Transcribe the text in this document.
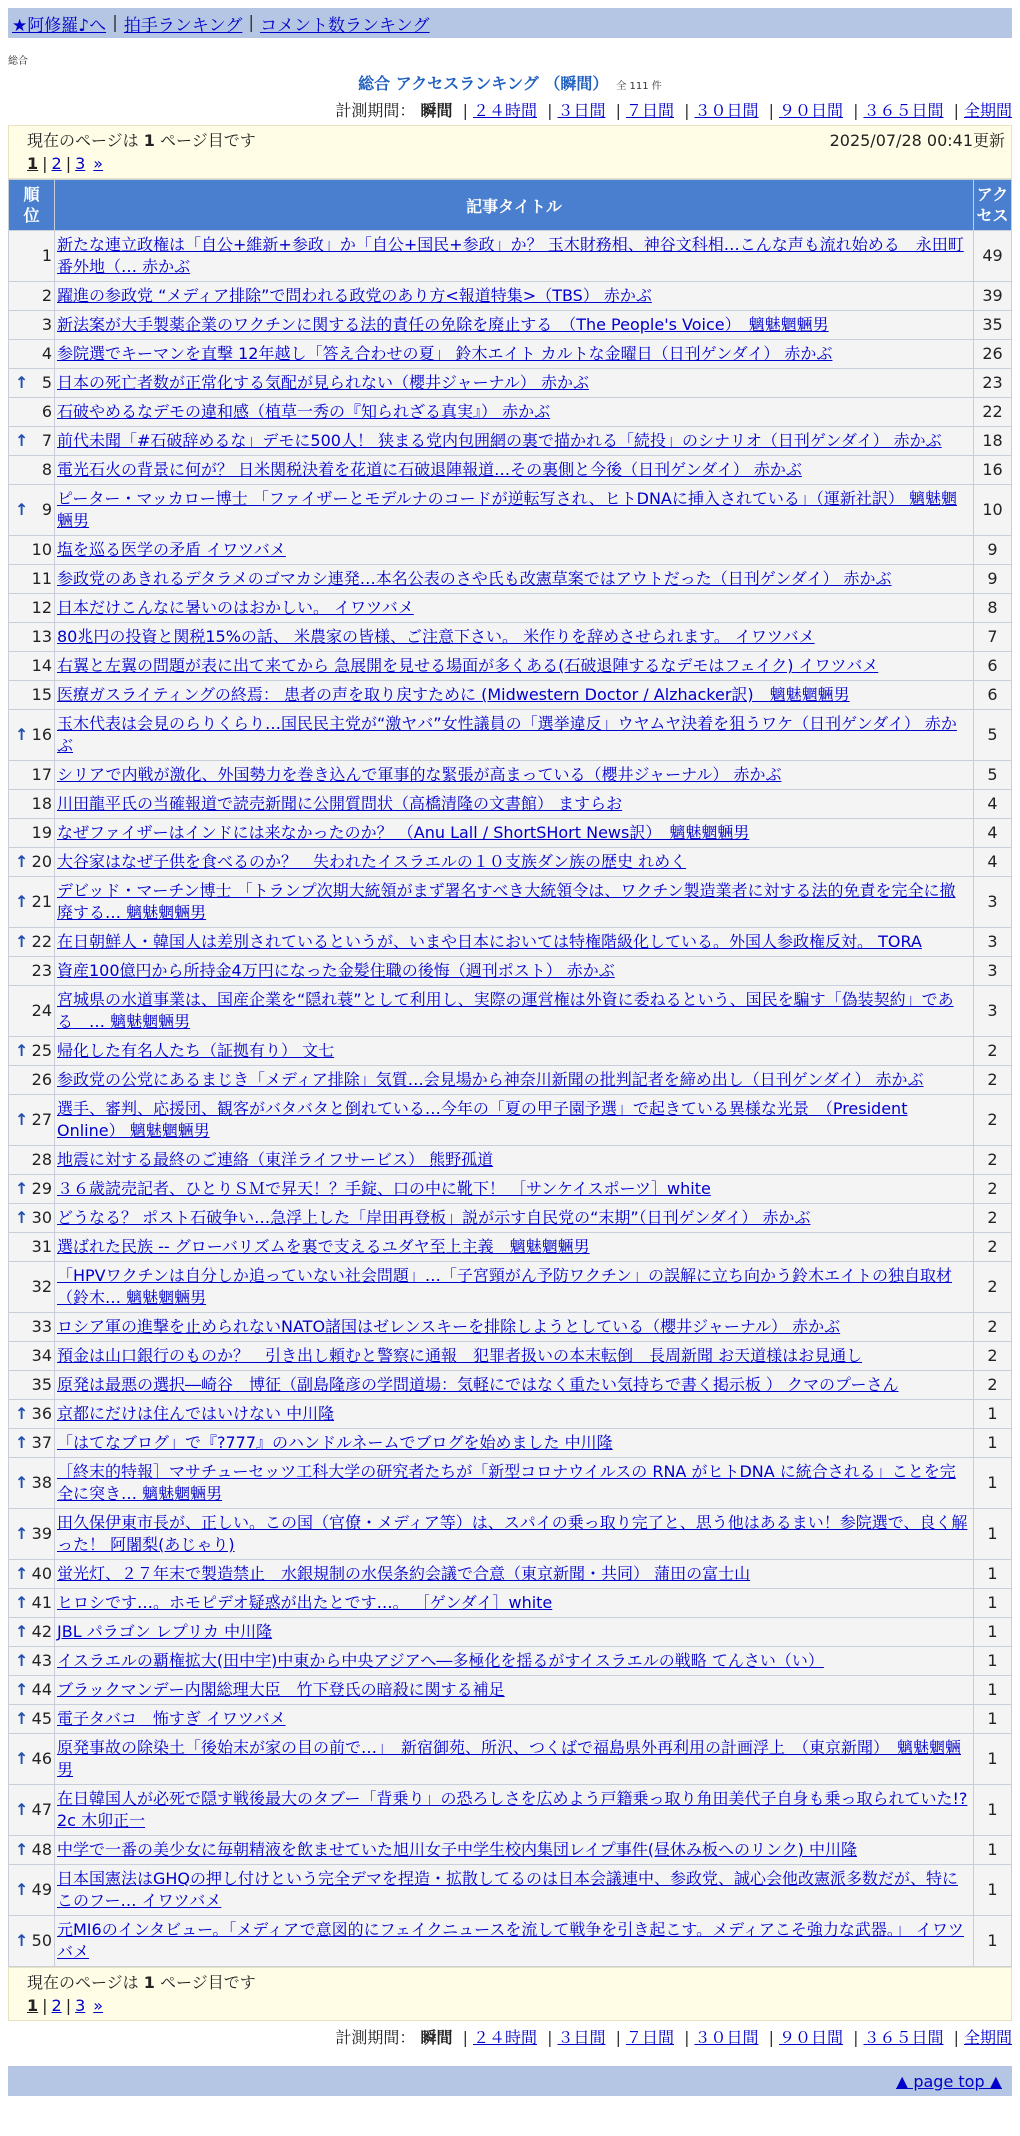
★阿修羅♪へ | 拍手ランキング | コメント数ランキング
総合
総合 アクセスランキング （瞬間） 全 111 件
計測期間： 瞬間 | ２４時間 | ３日間 | ７日間 | ３０日間 | ９０日間 | ３６５日間 | 全期間
現在のページは 1 ページ目です	2025/07/28 00:41更新
1 | 2 | 3 »
順位	記事タイトル	アクセス
1	新たな連立政権は「自公+維新+参政」か「自公+国民+参政」か？ 玉木財務相、神谷文科相…こんな声も流れ始める　永田町番外地（… 赤かぶ	49
2	躍進の参政党 “メディア排除”で問われる政党のあり方<報道特集>（TBS） 赤かぶ	39
3	新法案が大手製薬企業のワクチンに関する法的責任の免除を廃止する　（The People's Voice）　魑魅魍魎男	35
4	参院選でキーマンを直撃 12年越し「答え合わせの夏」 鈴木エイト カルトな金曜日（日刊ゲンダイ） 赤かぶ	26

↑ 5	日本の死亡者数が正常化する気配が見られない（櫻井ジャーナル） 赤かぶ	23
6	石破やめるなデモの違和感（植草一秀の『知られざる真実』） 赤かぶ	22

↑ 7	前代未聞「#石破辞めるな」デモに500人！ 狭まる党内包囲網の裏で描かれる「続投」のシナリオ（日刊ゲンダイ） 赤かぶ	18
8	電光石火の背景に何が？ 日米関税決着を花道に石破退陣報道…その裏側と今後（日刊ゲンダイ） 赤かぶ	16

↑ 9	ピーター・マッカロー博士 「ファイザーとモデルナのコードが逆転写され、ヒトDNAに挿入されている」（運新社訳） 魑魅魍魎男	10
10	塩を巡る医学の矛盾 イワツバメ	9
11	参政党のあきれるデタラメのゴマカシ連発…本名公表のさや氏も改憲草案ではアウトだった（日刊ゲンダイ） 赤かぶ	9
12	日本だけこんなに暑いのはおかしい。 イワツバメ	8
13	80兆円の投資と関税15%の話、 米農家の皆様、ご注意下さい。 米作りを辞めさせられます。 イワツバメ	7
14	右翼と左翼の問題が表に出て来てから 急展開を見せる場面が多くある(石破退陣するなデモはフェイク) イワツバメ	6
15	医療ガスライティングの終焉： 患者の声を取り戻すために (Midwestern Doctor / Alzhacker訳)　魑魅魍魎男	6

↑ 16	玉木代表は会見のらりくらり…国民民主党が“激ヤバ”女性議員の「選挙違反」ウヤムヤ決着を狙うワケ（日刊ゲンダイ） 赤かぶ	5
17	シリアで内戦が激化、外国勢力を巻き込んで軍事的な緊張が高まっている（櫻井ジャーナル） 赤かぶ	5
18	川田龍平氏の当確報道で読売新聞に公開質問状（高橋清隆の文書館） ますらお	4
19	なぜファイザーはインドには来なかったのか？ （Anu Lall / ShortSHort News訳）　魑魅魍魎男	4

↑ 20	大谷家はなぜ子供を食べるのか？　失われたイスラエルの１０支族ダン族の歴史 れめく	4

↑ 21	デビッド・マーチン博士 「トランプ次期大統領がまず署名すべき大統領令は、ワクチン製造業者に対する法的免責を完全に撤廃する… 魑魅魍魎男	3

↑ 22	在日朝鮮人・韓国人は差別されているというが、いまや日本においては特権階級化している。外国人参政権反対。 TORA	3
23	資産100億円から所持金4万円になった金髪住職の後悔（週刊ポスト） 赤かぶ	3
24	宮城県の水道事業は、国産企業を“隠れ蓑”として利用し、実際の運営権は外資に委ねるという、国民を騙す「偽装契約」である　… 魑魅魍魎男	3

↑ 25	帰化した有名人たち（証拠有り） 文七	2
26	参政党の公党にあるまじき「メディア排除」気質…会見場から神奈川新聞の批判記者を締め出し（日刊ゲンダイ） 赤かぶ	2

↑ 27	選手、審判、応援団、観客がバタバタと倒れている…今年の「夏の甲子園予選」で起きている異様な光景　（President Online） 魑魅魍魎男	2
28	地震に対する最終のご連絡（東洋ライフサービス） 熊野孤道	2

↑ 29	３６歳読売記者、ひとりＳＭで昇天！？手錠、口の中に靴下！ ［サンケイスポーツ］white	2

↑ 30	どうなる？ ポスト石破争い…急浮上した「岸田再登板」説が示す自民党の“末期”（日刊ゲンダイ） 赤かぶ	2
31	選ばれた民族 -- グローバリズムを裏で支えるユダヤ至上主義　魑魅魍魎男	2
32	「HPVワクチンは自分しか追っていない社会問題」…「子宮頸がん予防ワクチン」の誤解に立ち向かう鈴木エイトの独自取材（鈴木… 魑魅魍魎男	2
33	ロシア軍の進撃を止められないNATO諸国はゼレンスキーを排除しようとしている（櫻井ジャーナル） 赤かぶ	2
34	預金は山口銀行のものか？　引き出し頼むと警察に通報　犯罪者扱いの本末転倒　長周新聞 お天道様はお見通し	2
35	原発は最悪の選択―崎谷　博征（副島隆彦の学問道場：気軽にではなく重たい気持ちで書く掲示板 ） クマのプーさん	2

↑ 36	京都にだけは住んではいけない 中川隆	1

↑ 37	「はてなブログ」で『?777』のハンドルネームでブログを始めました 中川隆	1

↑ 38	［終末的特報］マサチューセッツ工科大学の研究者たちが「新型コロナウイルスの RNA がヒトDNA に統合される」ことを完全に突き… 魑魅魍魎男	1

↑ 39	田久保伊東市長が、正しい。この国（官僚・メディア等）は、スパイの乗っ取り完了と、思う他はあるまい！参院選で、良く解った！ 阿闍梨(あじゃり)	1

↑ 40	蛍光灯、２７年末で製造禁止　水銀規制の水俣条約会議で合意（東京新聞・共同） 蒲田の富士山	1

↑ 41	ヒロシです…。ホモピデオ疑惑が出たとです…。 ［ゲンダイ］white	1

↑ 42	JBL パラゴン レプリカ 中川隆	1

↑ 43	イスラエルの覇権拡大(田中宇)中東から中央アジアへ―多極化を揺るがすイスラエルの戦略 てんさい（い）	1

↑ 44	ブラックマンデー内閣総理大臣　竹下登氏の暗殺に関する補足	1

↑ 45	電子タバコ　怖すぎ イワツバメ	1

↑ 46	原発事故の除染土「後始末が家の目の前で…」　新宿御苑、所沢、つくばで福島県外再利用の計画浮上　（東京新聞）　魑魅魍魎男	1

↑ 47	在日韓国人が必死で隠す戦後最大のタブー「背乗り」の恐ろしさを広めよう戸籍乗っ取り角田美代子自身も乗っ取られていた!? 2c 木卯正一	1

↑ 48	中学で一番の美少女に毎朝精液を飲ませていた旭川女子中学生校内集団レイプ事件(昼休み板へのリンク) 中川隆	1

↑ 49	日本国憲法はGHQの押し付けという完全デマを捏造・拡散してるのは日本会議連中、参政党、誠心会他改憲派多数だが、特にこのフー… イワツバメ	1

↑ 50	元MI6のインタビュー。「メディアで意図的にフェイクニュースを流して戦争を引き起こす。メディアこそ強力な武器。」 イワツバメ	1
現在のページは 1 ページ目です
1 | 2 | 3 »
計測期間： 瞬間 | ２４時間 | ３日間 | ７日間 | ３０日間 | ９０日間 | ３６５日間 | 全期間
▲ page top ▲
